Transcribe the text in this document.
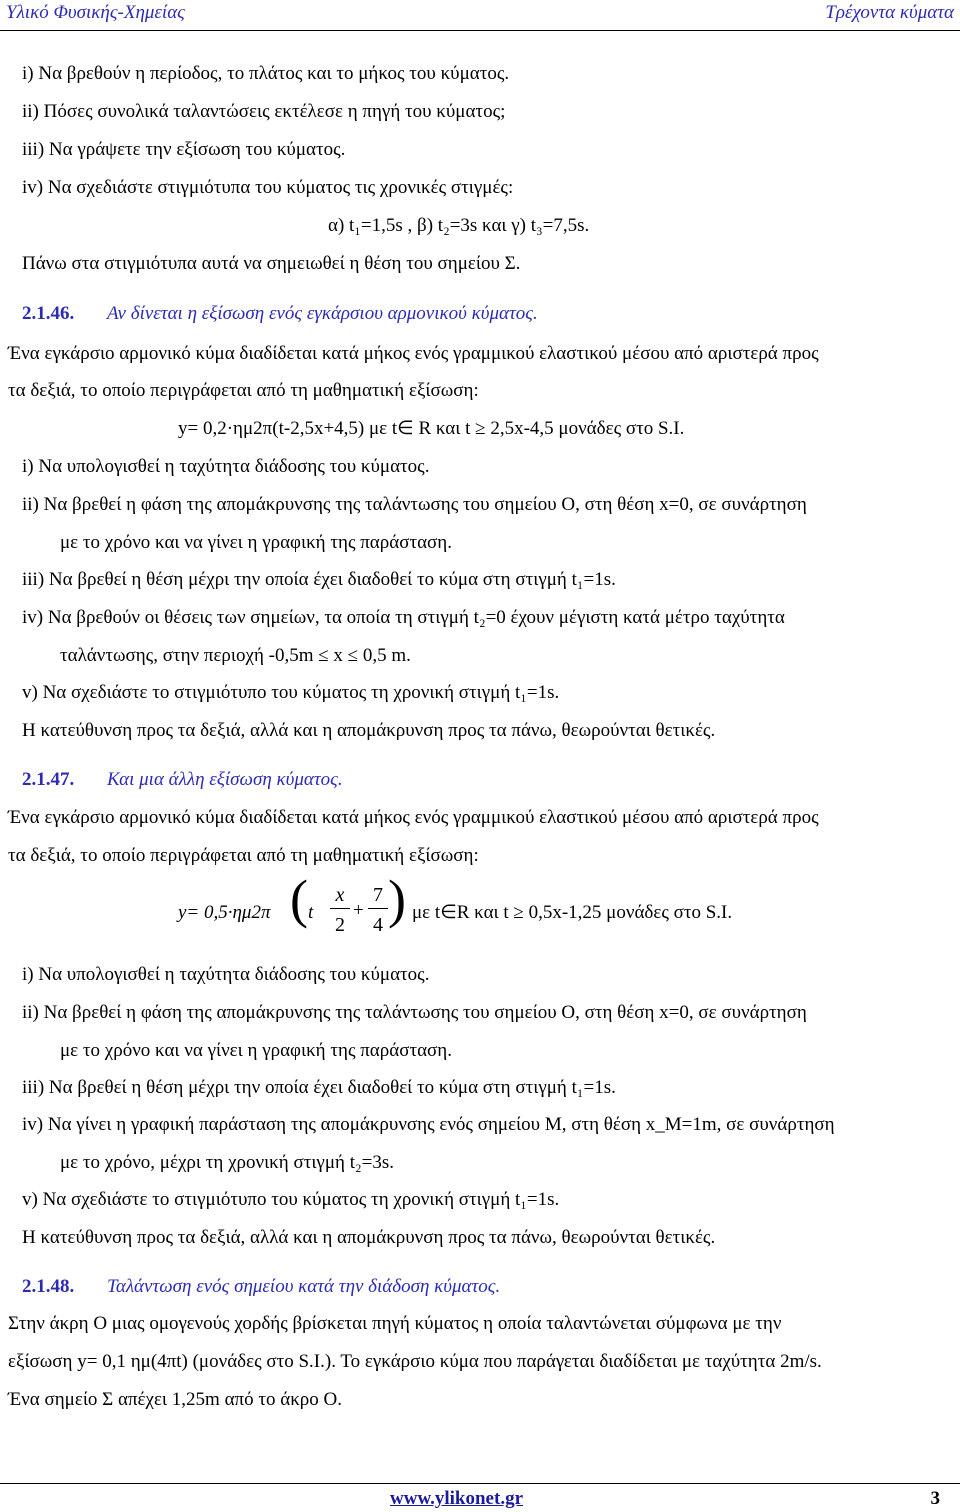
Υλικό Φυσικής-Χημείας	Τρέχοντα κύματα
i) Να βρεθούν η περίοδος, το πλάτος και το μήκος του κύματος.
ii) Πόσες συνολικά ταλαντώσεις εκτέλεσε η πηγή του κύματος;
iii) Να γράψετε την εξίσωση του κύματος.
iv) Να σχεδιάστε στιγμιότυπα του κύματος τις χρονικές στιγμές:
α) t₁=1,5s , β) t₂=3s και γ) t₃=7,5s.
Πάνω στα στιγμιότυπα αυτά να σημειωθεί η θέση του σημείου Σ.
2.1.46. Αν δίνεται η εξίσωση ενός εγκάρσιου αρμονικού κύματος.
Ένα εγκάρσιο αρμονικό κύμα διαδίδεται κατά μήκος ενός γραμμικού ελαστικού μέσου από αριστερά προς
τα δεξιά, το οποίο περιγράφεται από τη μαθηματική εξίσωση:
y= 0,2·ημ2π(t-2,5x+4,5) με t∈ R και t ≥ 2,5x-4,5 μονάδες στο S.I.
i) Να υπολογισθεί η ταχύτητα διάδοσης του κύματος.
ii) Να βρεθεί η φάση της απομάκρυνσης της ταλάντωσης του σημείου Ο, στη θέση x=0, σε συνάρτηση
με το χρόνο και να γίνει η γραφική της παράσταση.
iii) Να βρεθεί η θέση μέχρι την οποία έχει διαδοθεί το κύμα στη στιγμή t₁=1s.
iv) Να βρεθούν οι θέσεις των σημείων, τα οποία τη στιγμή t₂=0 έχουν μέγιστη κατά μέτρο ταχύτητα
ταλάντωσης, στην περιοχή -0,5m ≤ x ≤ 0,5 m.
v) Να σχεδιάστε το στιγμιότυπο του κύματος τη χρονική στιγμή t₁=1s.
Η κατεύθυνση προς τα δεξιά, αλλά και η απομάκρυνση προς τα πάνω, θεωρούνται θετικές.
2.1.47. Και μια άλλη εξίσωση κύματος.
Ένα εγκάρσιο αρμονικό κύμα διαδίδεται κατά μήκος ενός γραμμικού ελαστικού μέσου από αριστερά προς
τα δεξιά, το οποίο περιγράφεται από τη μαθηματική εξίσωση:
y= 0,5·ημ2π ( t
x
2
+
7
4 ) με t∈R και t ≥ 0,5x-1,25 μονάδες στο S.I.
i) Να υπολογισθεί η ταχύτητα διάδοσης του κύματος.
ii) Να βρεθεί η φάση της απομάκρυνσης της ταλάντωσης του σημείου Ο, στη θέση x=0, σε συνάρτηση
με το χρόνο και να γίνει η γραφική της παράσταση.
iii) Να βρεθεί η θέση μέχρι την οποία έχει διαδοθεί το κύμα στη στιγμή t₁=1s.
iv) Να γίνει η γραφική παράσταση της απομάκρυνσης ενός σημείου Μ, στη θέση x_M=1m, σε συνάρτηση
με το χρόνο, μέχρι τη χρονική στιγμή t₂=3s.
v) Να σχεδιάστε το στιγμιότυπο του κύματος τη χρονική στιγμή t₁=1s.
Η κατεύθυνση προς τα δεξιά, αλλά και η απομάκρυνση προς τα πάνω, θεωρούνται θετικές.
2.1.48. Ταλάντωση ενός σημείου κατά την διάδοση κύματος.
Στην άκρη Ο μιας ομογενούς χορδής βρίσκεται πηγή κύματος η οποία ταλαντώνεται σύμφωνα με την
εξίσωση y= 0,1 ημ(4πt) (μονάδες στο S.I.). Το εγκάρσιο κύμα που παράγεται διαδίδεται με ταχύτητα 2m/s.
Ένα σημείο Σ απέχει 1,25m από το άκρο Ο.
www.ylikonet.gr	3
